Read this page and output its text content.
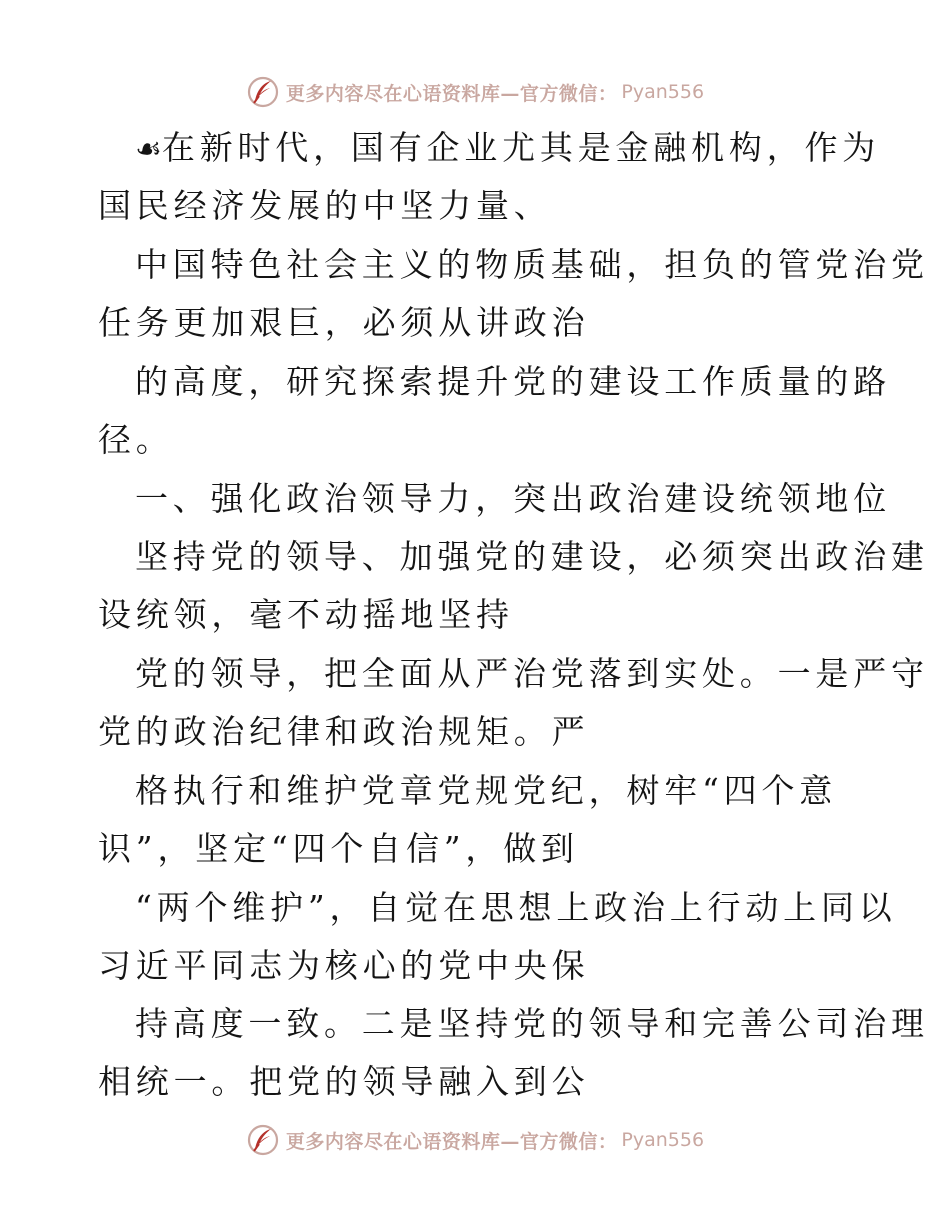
更多内容尽在心语资料库—官方微信： Pyan556
☙在新时代，国有企业尤其是金融机构，作为
国民经济发展的中坚力量、
中国特色社会主义的物质基础，担负的管党治党
任务更加艰巨，必须从讲政治
的高度，研究探索提升党的建设工作质量的路
径。
一、强化政治领导力，突出政治建设统领地位
坚持党的领导、加强党的建设，必须突出政治建
设统领，毫不动摇地坚持
党的领导，把全面从严治党落到实处。一是严守
党的政治纪律和政治规矩。严
格执行和维护党章党规党纪，树牢“四个意
识”，坚定“四个自信”，做到
“两个维护”，自觉在思想上政治上行动上同以
习近平同志为核心的党中央保
持高度一致。二是坚持党的领导和完善公司治理
相统一。把党的领导融入到公
更多内容尽在心语资料库—官方微信： Pyan556
